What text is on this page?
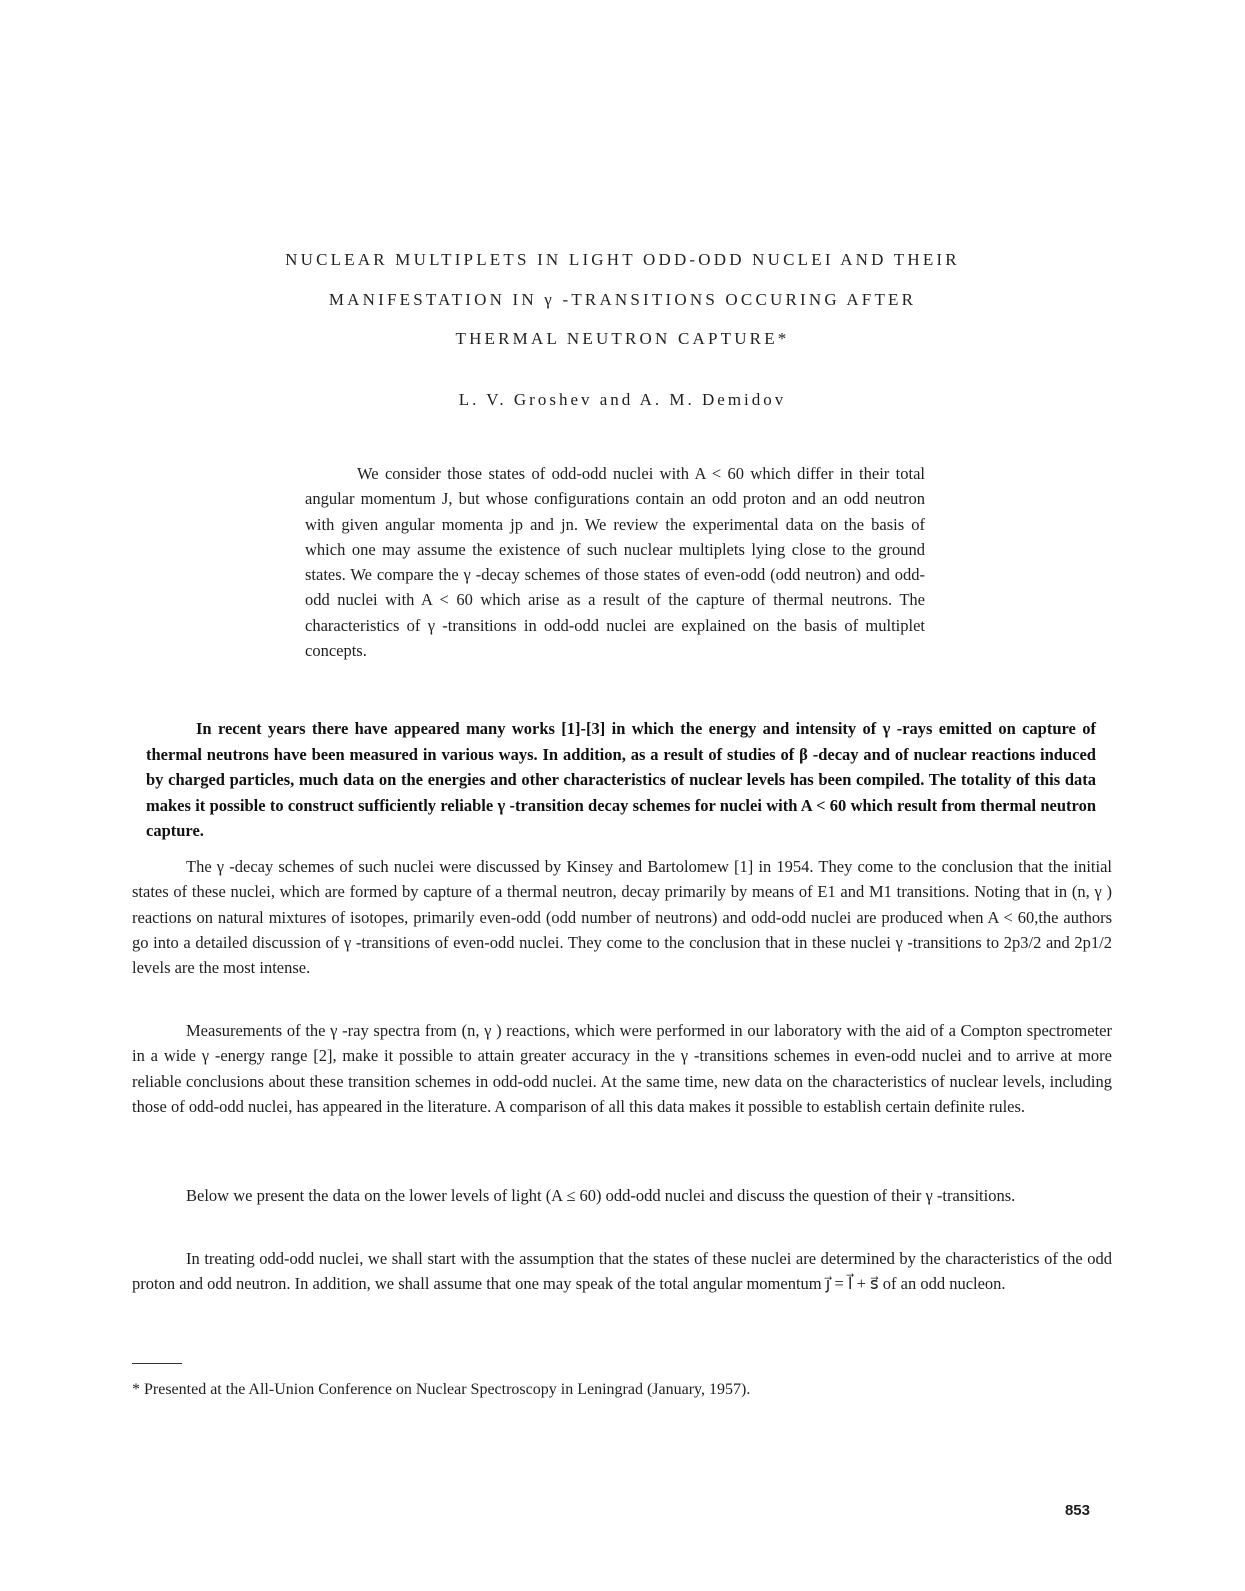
NUCLEAR MULTIPLETS IN LIGHT ODD-ODD NUCLEI AND THEIR
MANIFESTATION IN γ -TRANSITIONS OCCURING AFTER
THERMAL NEUTRON CAPTURE*
L. V. Groshev and A. M. Demidov

We consider those states of odd-odd nuclei with A < 60 which differ in their total angular momentum J, but whose configurations contain an odd proton and an odd neutron with given angular momenta jp and jn. We review the experimental data on the basis of which one may assume the existence of such nuclear multiplets lying close to the ground states. We compare the γ -decay schemes of those states of even-odd (odd neutron) and odd-odd nuclei with A < 60 which arise as a result of the capture of thermal neutrons. The characteristics of γ -transitions in odd-odd nuclei are explained on the basis of multiplet concepts.

In recent years there have appeared many works [1]-[3] in which the energy and intensity of γ -rays emitted on capture of thermal neutrons have been measured in various ways. In addition, as a result of studies of β -decay and of nuclear reactions induced by charged particles, much data on the energies and other characteristics of nuclear levels has been compiled. The totality of this data makes it possible to construct sufficiently reliable γ -transition decay schemes for nuclei with A < 60 which result from thermal neutron capture.

The γ -decay schemes of such nuclei were discussed by Kinsey and Bartolomew [1] in 1954. They come to the conclusion that the initial states of these nuclei, which are formed by capture of a thermal neutron, decay primarily by means of E1 and M1 transitions. Noting that in (n, γ ) reactions on natural mixtures of isotopes, primarily even-odd (odd number of neutrons) and odd-odd nuclei are produced when A < 60,the authors go into a detailed discussion of γ -transitions of even-odd nuclei. They come to the conclusion that in these nuclei γ -transitions to 2p3/2 and 2p1/2 levels are the most intense.

Measurements of the γ -ray spectra from (n, γ ) reactions, which were performed in our laboratory with the aid of a Compton spectrometer in a wide γ -energy range [2], make it possible to attain greater accuracy in the γ -transitions schemes in even-odd nuclei and to arrive at more reliable conclusions about these transition schemes in odd-odd nuclei. At the same time, new data on the characteristics of nuclear levels, including those of odd-odd nuclei, has appeared in the literature. A comparison of all this data makes it possible to establish certain definite rules.

Below we present the data on the lower levels of light (A ≤ 60) odd-odd nuclei and discuss the question of their γ -transitions.

In treating odd-odd nuclei, we shall start with the assumption that the states of these nuclei are determined by the characteristics of the odd proton and odd neutron. In addition, we shall assume that one may speak of the total angular momentum j⃗ = l⃗ + s⃗ of an odd nucleon.

* Presented at the All-Union Conference on Nuclear Spectroscopy in Leningrad (January, 1957).

853
